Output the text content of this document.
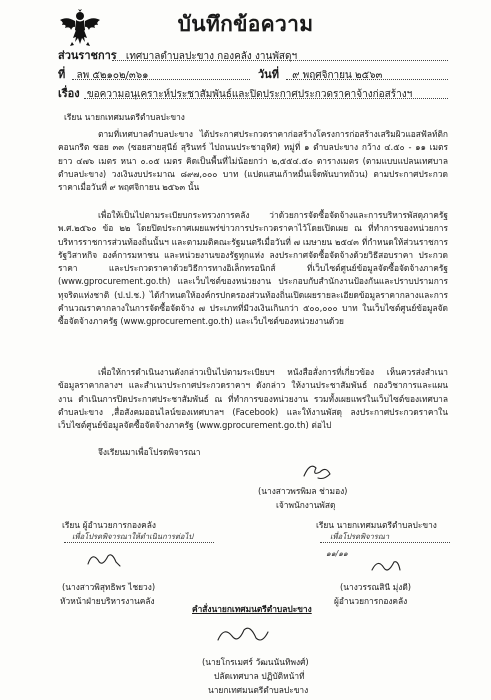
บันทึกข้อความ
ส่วนราชการ เทศบาลตำบลปะขาง กองคลัง งานพัสดุฯ
ที่ ลพ ๕๒๑๐๒/๓๖๑	วันที่ ๙ พฤศจิกายน ๒๕๖๓
เรื่อง ขอความอนุเคราะห์ประชาสัมพันธ์และปิดประกาศประกวดราคาจ้างก่อสร้างฯ
เรียน นายกเทศมนตรีตำบลปะขาง

ตามที่เทศบาลตำบลปะขาง ได้ประกาศประกวดราคาก่อสร้างโครงการก่อสร้างเสริมผิวแอสฟัลท์ติกคอนกรีต ซอย ๓๓ (ซอยสายสุนีย์ สุรินทร์ ไปถนนประชาอุทิศ) หมู่ที่ ๑ ตำบลปะขาง กว้าง ๔.๕๐ - ๑๑ เมตร ยาว ๔๗๖ เมตร หนา ๐.๐๕ เมตร คิดเป็นพื้นที่ไม่น้อยกว่า ๒,๕๕๔.๕๐ ตารางเมตร (ตามแบบแปลนเทศบาลตำบลปะขาง) วงเงินงบประมาณ ๘๙๗,๐๐๐ บาท (แปดแสนเก้าหมื่นเจ็ดพันบาทถ้วน) ตามประกาศประกวดราคาเมื่อวันที่ ๙ พฤศจิกายน ๒๕๖๓ นั้น

เพื่อให้เป็นไปตามระเบียบกระทรวงการคลัง ว่าด้วยการจัดซื้อจัดจ้างและการบริหารพัสดุภาครัฐ พ.ศ.๒๕๖๐ ข้อ ๒๒ โดยปิดประกาศเผยแพร่ข่าวการประกวดราคาไว้โดยเปิดเผย ณ ที่ทำการของหน่วยการบริหารราชการส่วนท้องถิ่นนั้นฯ และตามมติคณะรัฐมนตรีเมื่อวันที่ ๗ เมษายน ๒๕๔๓ ที่กำหนดให้ส่วนราชการ รัฐวิสาหกิจ องค์การมหาชน และหน่วยงานของรัฐทุกแห่ง ลงประกาศจัดซื้อจัดจ้างด้วยวิธีสอบราคา ประกวดราคา และประกวดราคาด้วยวิธีการทางอิเล็กทรอนิกส์ ที่เว็บไซต์ศูนย์ข้อมูลจัดซื้อจัดจ้างภาครัฐ (www.gprocurement.go.th) และเว็บไซต์ของหน่วยงาน ประกอบกับสำนักงานป้องกันและปราบปรามการทุจริตแห่งชาติ (ป.ป.ช.) ได้กำหนดให้องค์กรปกครองส่วนท้องถิ่นเปิดเผยรายละเอียดข้อมูลราคากลางและการคำนวณราคากลางในการจัดซื้อจัดจ้าง ๗ ประเภทที่มีวงเงินเกินกว่า ๕๐๐,๐๐๐ บาท ในเว็บไซต์ศูนย์ข้อมูลจัดซื้อจัดจ้างภาครัฐ (www.gprocurement.go.th) และเว็บไซต์ของหน่วยงานด้วย

เพื่อให้การดำเนินงานดังกล่าวเป็นไปตามระเบียบฯ หนังสือสั่งการที่เกี่ยวข้อง เห็นควรส่งสำเนาข้อมูลราคากลางฯ และสำเนาประกาศประกวดราคาฯ ดังกล่าว ให้งานประชาสัมพันธ์ กองวิชาการและแผนงาน ดำเนินการปิดประกาศประชาสัมพันธ์ ณ ที่ทำการของหน่วยงาน รวมทั้งเผยแพร่ในเว็บไซต์ของเทศบาลตำบลปะขาง ,สื่อสังคมออนไลน์ของเทศบาลฯ (Facebook) และให้งานพัสดุ ลงประกาศประกวดราคาในเว็บไซต์ศูนย์ข้อมูลจัดซื้อจัดจ้างภาครัฐ (www.gprocurement.go.th) ต่อไป

จึงเรียนมาเพื่อโปรดพิจารณา
(นางสาวพรพิมล ช่ามอง)
เจ้าพนักงานพัสดุ
เรียน ผู้อำนวยการกองคลัง
เพื่อโปรดพิจารณาให้ดำเนินการต่อไป
(นางสาวพิสุทธิพร ไชยวง)
หัวหน้าฝ่ายบริหารงานคลัง
เรียน นายกเทศมนตรีตำบลปะขาง
เพื่อโปรดพิจารณา
๑๑/๑๑
(นางวรรณสินี มุ่งดี)
ผู้อำนวยการกองคลัง
คำสั่งนายกเทศมนตรีตำบลปะขาง
(นายโกรเมศร์ วัฒนนันทิพงศ์)
ปลัดเทศบาล ปฏิบัติหน้าที่
นายกเทศมนตรีตำบลปะขาง
